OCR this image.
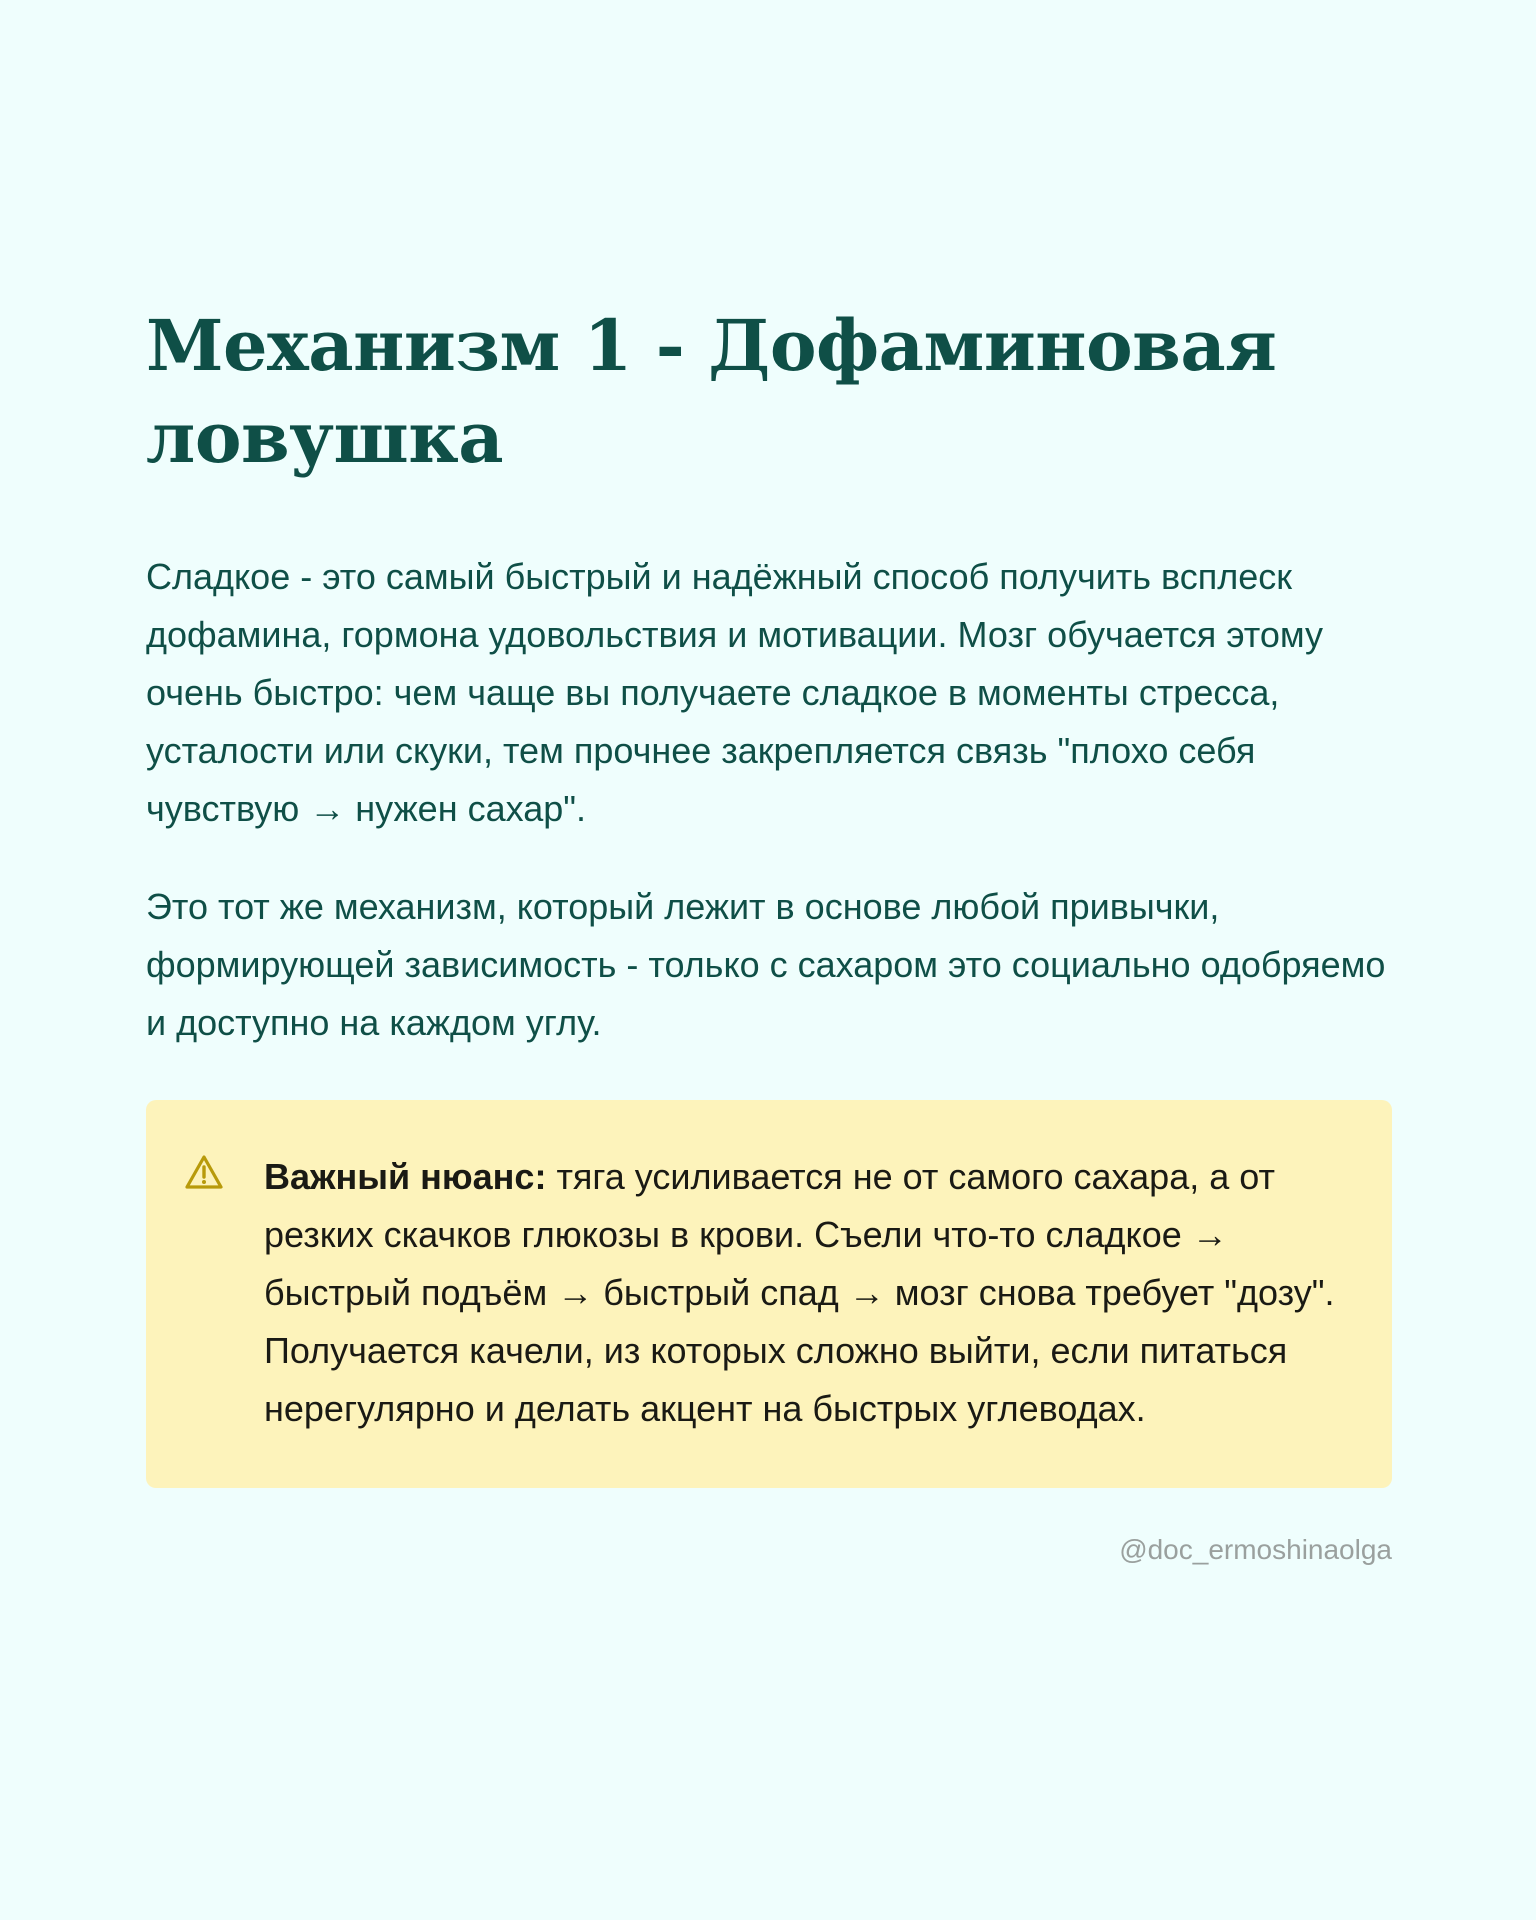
Механизм 1 - Дофаминовая ловушка

Сладкое - это самый быстрый и надёжный способ получить всплеск дофамина, гормона удовольствия и мотивации. Мозг обучается этому очень быстро: чем чаще вы получаете сладкое в моменты стресса, усталости или скуки, тем прочнее закрепляется связь "плохо себя чувствую → нужен сахар".

Это тот же механизм, который лежит в основе любой привычки, формирующей зависимость - только с сахаром это социально одобряемо и доступно на каждом углу.

Важный нюанс: тяга усиливается не от самого сахара, а от резких скачков глюкозы в крови. Съели что-то сладкое → быстрый подъём → быстрый спад → мозг снова требует "дозу". Получается качели, из которых сложно выйти, если питаться нерегулярно и делать акцент на быстрых углеводах.

@doc_ermoshinaolga
